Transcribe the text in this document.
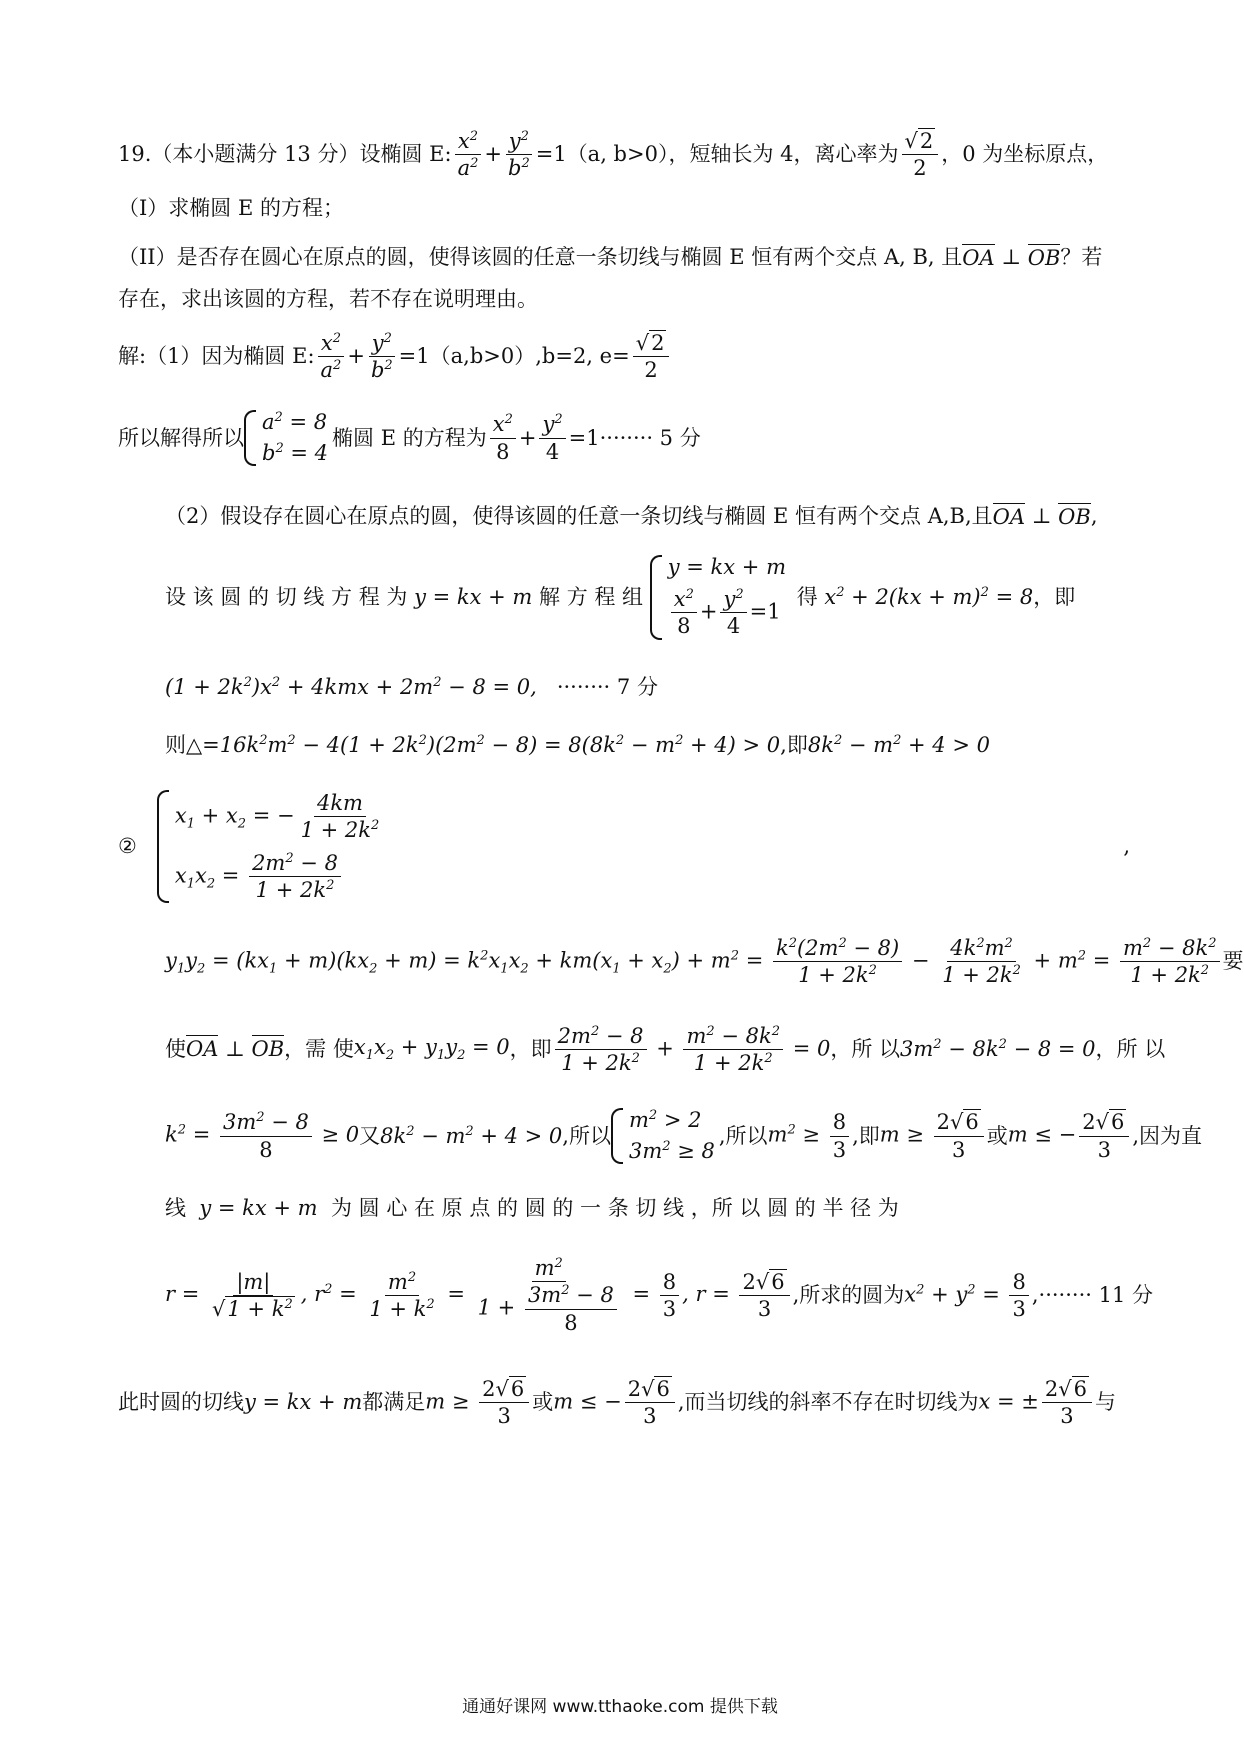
19.（本小题满分 13 分）设椭圆 E: $\frac{x^2}{a^2} + \frac{y^2}{b^2} =1$ （a, b>0），短轴长为 4，离心率为 $\frac{√2}{2}$ ，0 为坐标原点，
（I）求椭圆 E 的方程；
（II）是否存在圆心在原点的圆，使得该圆的任意一条切线与椭圆 E 恒有两个交点 A, B, 且 OA ⊥ OB ？若
存在，求出该圆的方程，若不存在说明理由。
解:（1）因为椭圆 E: $\frac{x^2}{a^2} + \frac{y^2}{b^2} =1$ （a,b>0）,b=2, $e= \frac{√2}{2}$
所以解得所以
$a^2 = 8$
$b^2 = 4$
椭圆 E 的方程为 $\frac{x^2}{8} + \frac{y^2}{4} =1$ ········ 5 分
（2）假设存在圆心在原点的圆，使得该圆的任意一条切线与椭圆 E 恒有两个交点 A,B,且 OA ⊥ OB ,
设 该 圆 的 切 线 方 程 为
y = kx + m
解 方 程 组

y = kx + m
$\frac{x^2}{8} + \frac{y^2}{4} =1$

得
$x^2 + 2(kx + m)^2 = 8$ ，即
$(1 + 2k^2)x^2 + 4kmx + 2m^2 - 8 = 0$,
········ 7 分
则△= $16k^2m^2 - 4(1 + 2k^2)(2m^2 - 8) = 8(8k^2 - m^2 + 4) > 0$ ,即 $8k^2 - m^2 + 4 > 0$
②

$x_1 + x_2$ = − $\frac{4km}{1 + 2k^2}$
$x_1x_2 = \frac{2m^2 - 8}{1 + 2k^2}$
,
$y_1y_2 = (kx_1 + m)(kx_2 + m) = k^2x_1x_2 + km(x_1 + x_2) + m^2 = \frac{k^2(2m^2 - 8)}{1 + 2k^2} - \frac{4k^2m^2}{1 + 2k^2} + m^2 = \frac{m^2 - 8k^2}{1 + 2k^2}$ 要
使 OA ⊥ OB ，需 使 $x_1x_2 + y_1y_2 = 0$ ，即 $\frac{2m^2 - 8}{1 + 2k^2} + \frac{m^2 - 8k^2}{1 + 2k^2} = 0$ ，所 以 $3m^2 - 8k^2 - 8 = 0$ ，所 以
$k^2 = \frac{3m^2 - 8}{8} \ge 0$ 又 $8k^2 - m^2 + 4 > 0$ ,所以
$m^2 > 2$
$3m^2 \ge 8$
,所以 $m^2 \ge \frac{8}{3}$ ,即 $m \ge \frac{2√6}{3}$ 或 m ≤ − $\frac{2√6}{3}$ ,因为直
线
y = kx + m
为 圆 心 在 原 点 的 圆 的 一 条 切 线 ，所 以 圆 的 半 径 为
$r = \frac{|m|}{√1 + k^2}$ , $r^2 = \frac{m^2}{1 + k^2} = \frac{m^2}{1 + \frac{3m^2 - 8}{8}} = \frac{8}{3}$ , $r = \frac{2√6}{3}$ ,所求的圆为 $x^2 + y^2 = \frac{8}{3}$ ,········ 11 分
此时圆的切线 y = kx + m 都满足 $m \ge \frac{2√6}{3}$ 或 m ≤ − $\frac{2√6}{3}$ ,而当切线的斜率不存在时切线为 x = ± $\frac{2√6}{3}$ 与
通通好课网 www.tthaoke.com 提供下载
